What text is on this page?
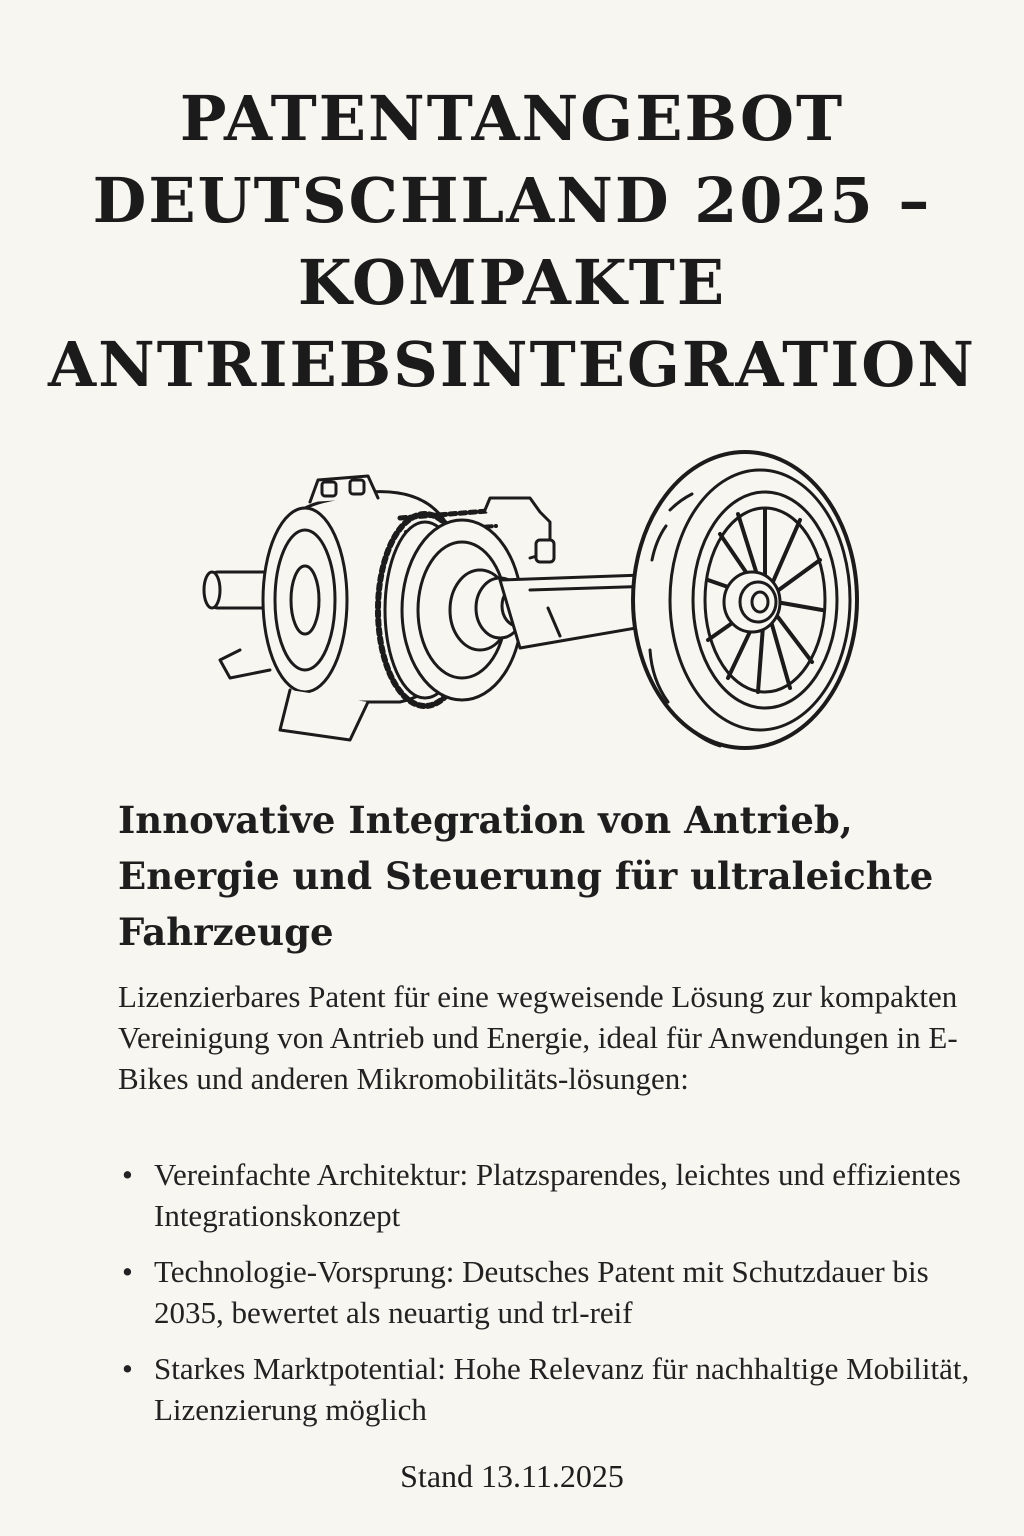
PATENTANGEBOT
DEUTSCHLAND 2025 –
KOMPAKTE
ANTRIEBSINTEGRATION
Innovative Integration von Antrieb, Energie und Steuerung für ultraleichte Fahrzeuge

Lizenzierbares Patent für eine wegweisende Lösung zur kompakten Vereinigung von Antrieb und Energie, ideal für Anwendungen in E-Bikes und anderen Mikromobilitäts-lösungen:

• Vereinfachte Architektur: Platzsparendes, leichtes und effizientes Integrationskonzept
• Technologie-Vorsprung: Deutsches Patent mit Schutzdauer bis 2035, bewertet als neuartig und trl-reif
• Starkes Marktpotential: Hohe Relevanz für nachhaltige Mobilität, Lizenzierung möglich
Stand 13.11.2025
